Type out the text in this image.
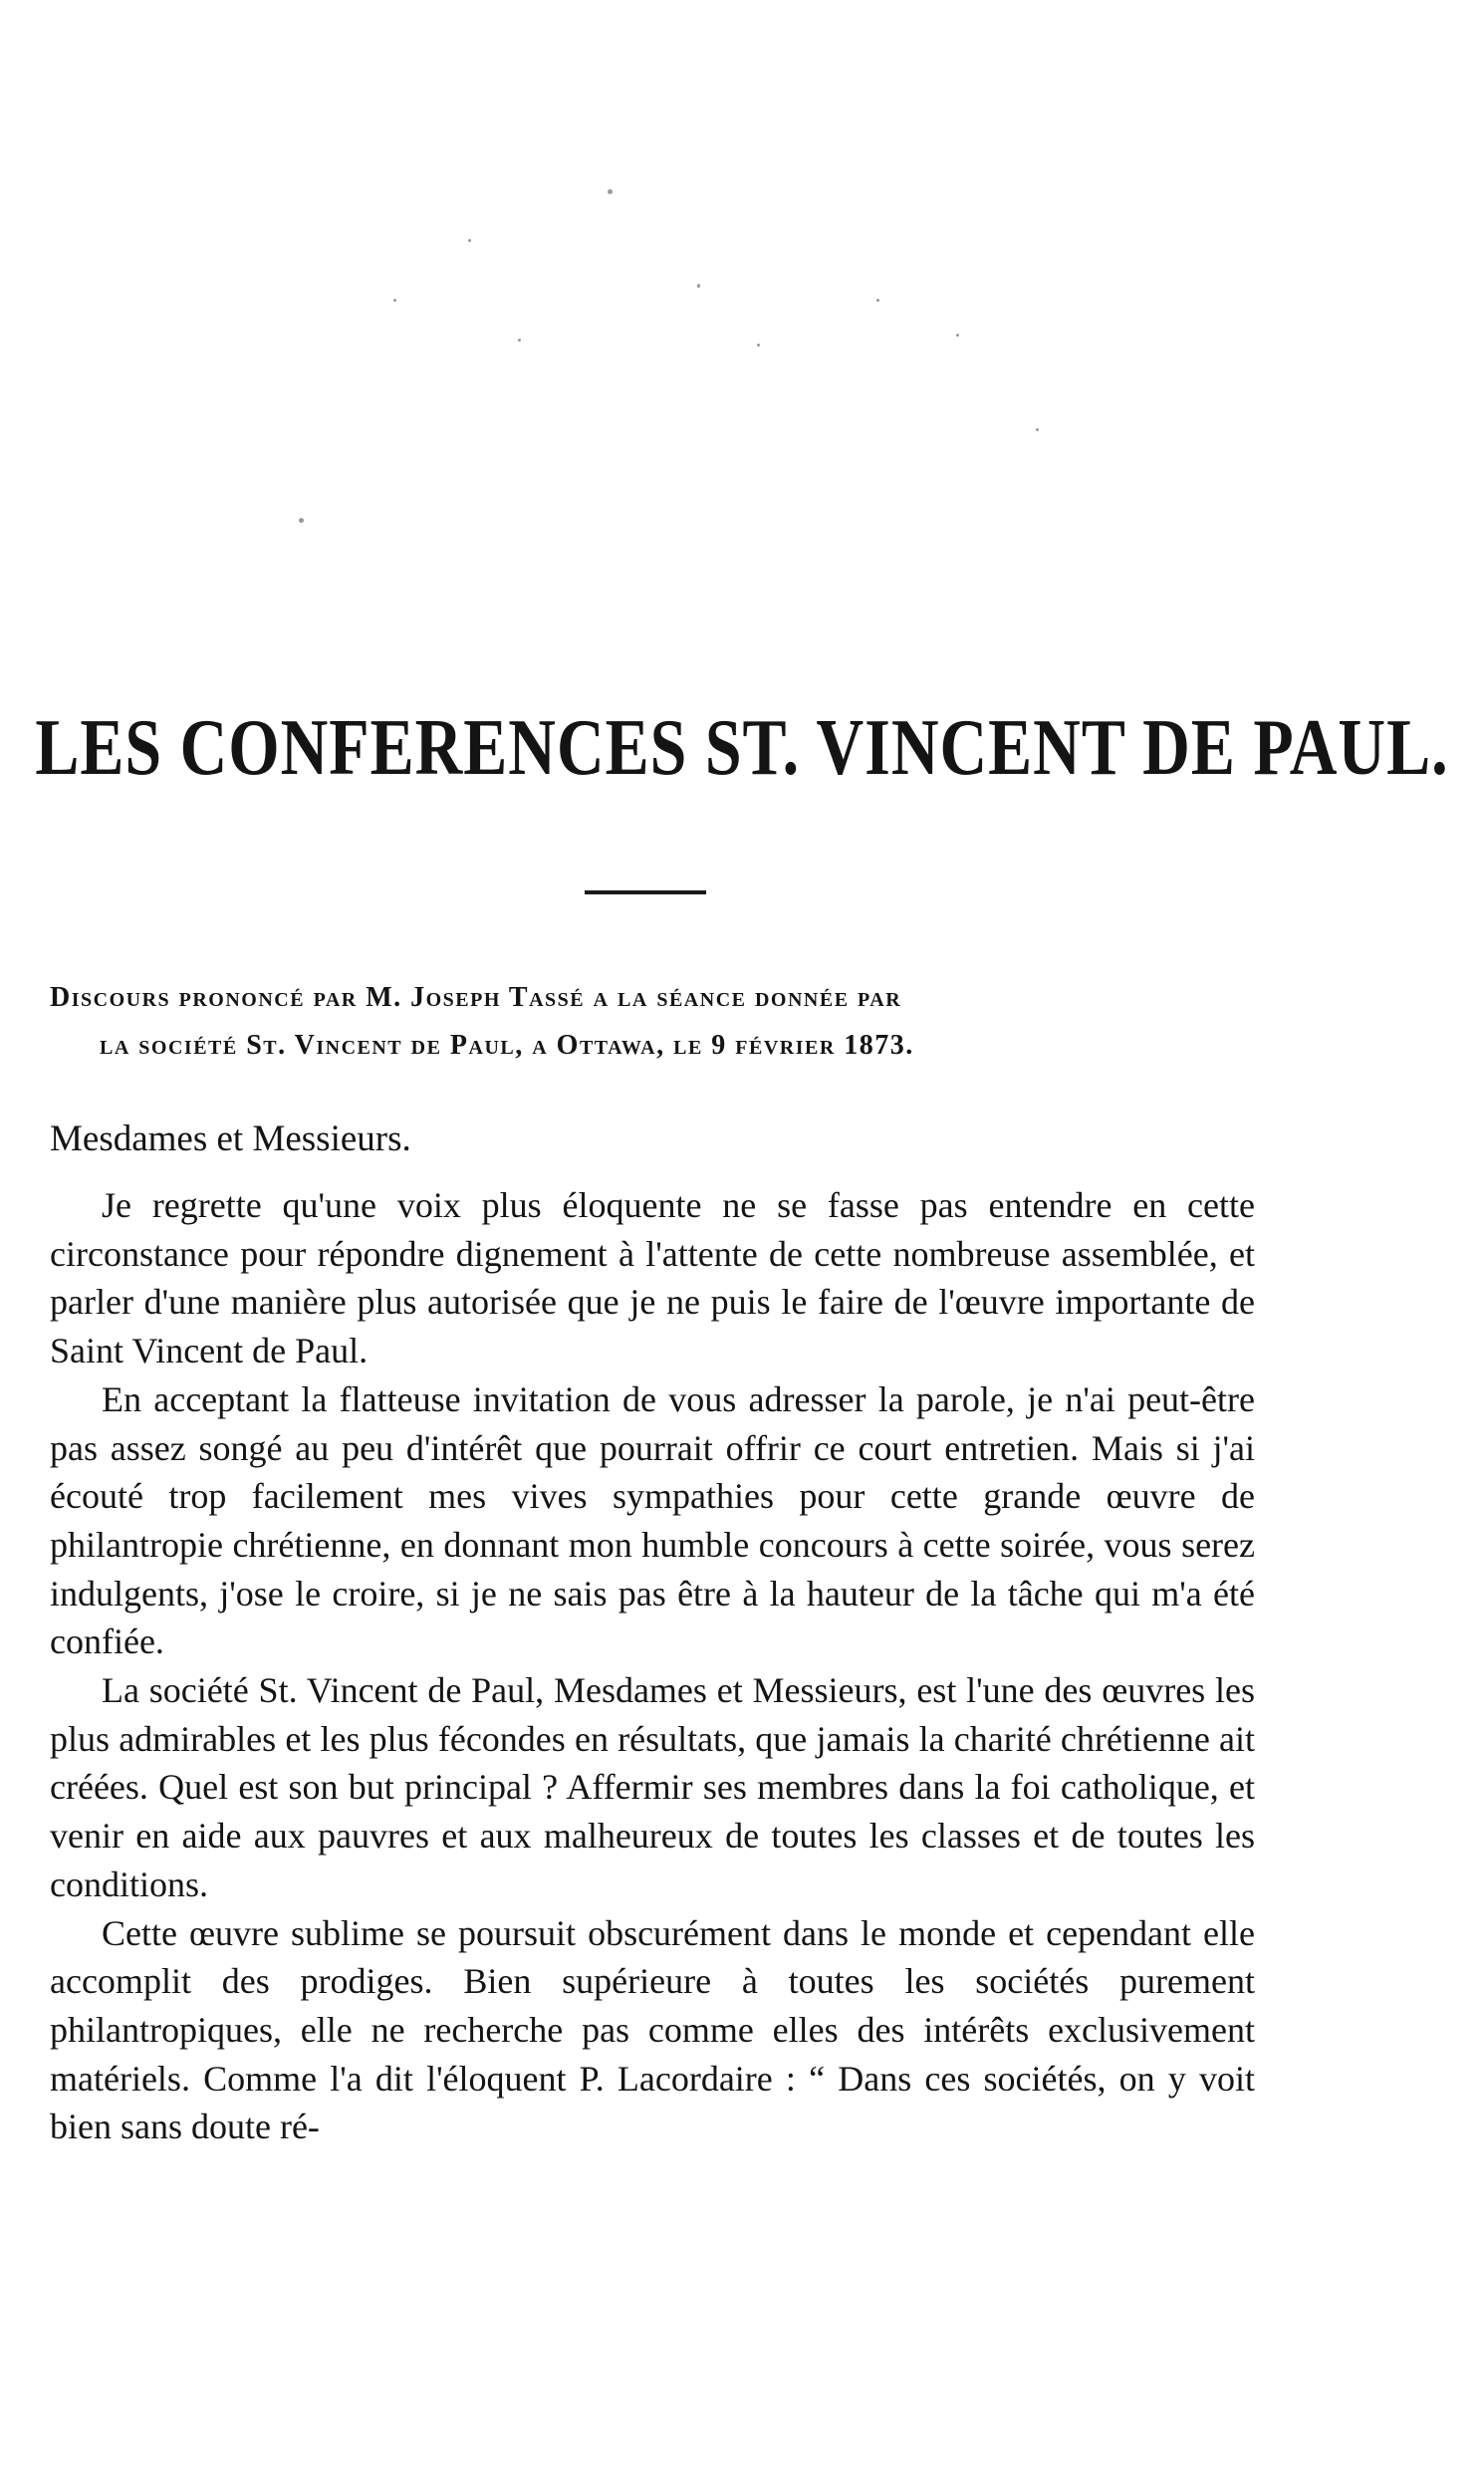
LES CONFERENCES ST. VINCENT DE PAUL.

Discours prononcé par M. Joseph Tassé a la séance donnée par
la société St. Vincent de Paul, a Ottawa, le 9 février 1873.

Mesdames et Messieurs.

Je regrette qu'une voix plus éloquente ne se fasse pas entendre en cette circonstance pour répondre dignement à l'attente de cette nombreuse assemblée, et parler d'une manière plus autorisée que je ne puis le faire de l'œuvre importante de Saint Vincent de Paul.

En acceptant la flatteuse invitation de vous adresser la parole, je n'ai peut-être pas assez songé au peu d'intérêt que pourrait offrir ce court entretien. Mais si j'ai écouté trop facilement mes vives sympathies pour cette grande œuvre de philantropie chrétienne, en donnant mon humble concours à cette soirée, vous serez indulgents, j'ose le croire, si je ne sais pas être à la hauteur de la tâche qui m'a été confiée.

La société St. Vincent de Paul, Mesdames et Messieurs, est l'une des œuvres les plus admirables et les plus fécondes en résultats, que jamais la charité chrétienne ait créées. Quel est son but principal ? Affermir ses membres dans la foi catholique, et venir en aide aux pauvres et aux malheureux de toutes les classes et de toutes les conditions.

Cette œuvre sublime se poursuit obscurément dans le monde et cependant elle accomplit des prodiges. Bien supérieure à toutes les sociétés purement philantropiques, elle ne recherche pas comme elles des intérêts exclusivement matériels. Comme l'a dit l'éloquent P. Lacordaire : “ Dans ces sociétés, on y voit bien sans doute ré-
